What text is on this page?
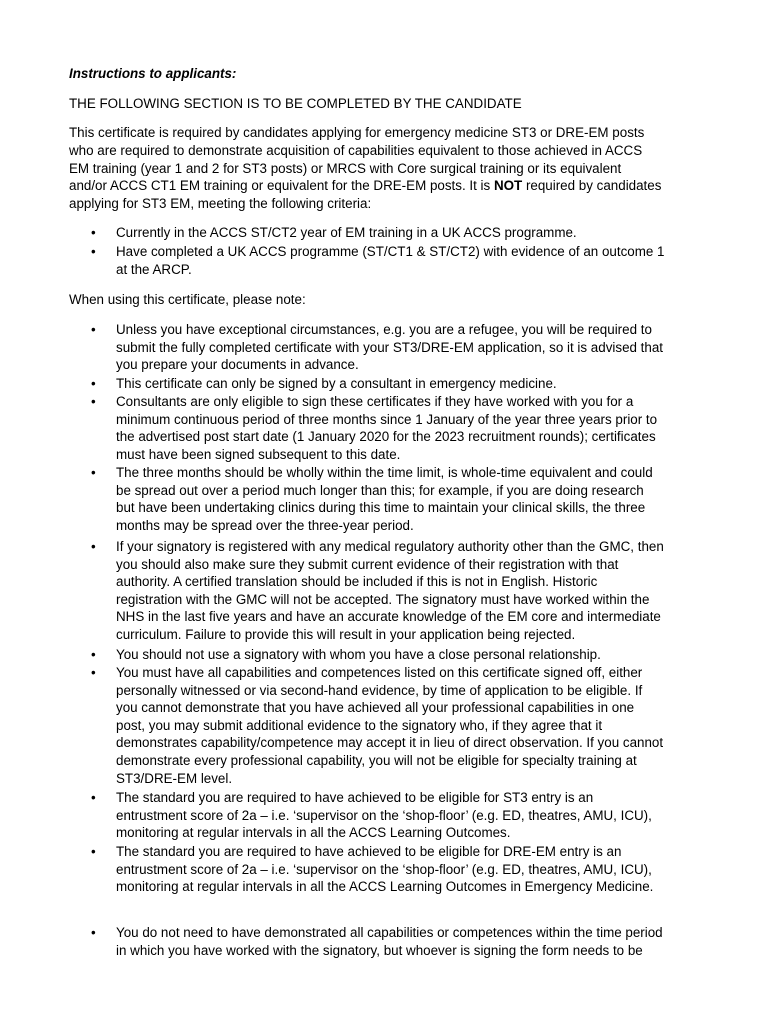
Instructions to applicants:

THE FOLLOWING SECTION IS TO BE COMPLETED BY THE CANDIDATE

This certificate is required by candidates applying for emergency medicine ST3 or DRE-EM posts

who are required to demonstrate acquisition of capabilities equivalent to those achieved in ACCS

EM training (year 1 and 2 for ST3 posts) or MRCS with Core surgical training or its equivalent

and/or ACCS CT1 EM training or equivalent for the DRE-EM posts. It is NOT required by candidates

applying for ST3 EM, meeting the following criteria:

•	Currently in the ACCS ST/CT2 year of EM training in a UK ACCS programme.
•	Have completed a UK ACCS programme (ST/CT1 & ST/CT2) with evidence of an outcome 1
at the ARCP.

When using this certificate, please note:

•	Unless you have exceptional circumstances, e.g. you are a refugee, you will be required to
submit the fully completed certificate with your ST3/DRE-EM application, so it is advised that
you prepare your documents in advance.
•	This certificate can only be signed by a consultant in emergency medicine.
•	Consultants are only eligible to sign these certificates if they have worked with you for a
minimum continuous period of three months since 1 January of the year three years prior to
the advertised post start date (1 January 2020 for the 2023 recruitment rounds); certificates
must have been signed subsequent to this date.
•	The three months should be wholly within the time limit, is whole-time equivalent and could
be spread out over a period much longer than this; for example, if you are doing research
but have been undertaking clinics during this time to maintain your clinical skills, the three
months may be spread over the three-year period.
•	If your signatory is registered with any medical regulatory authority other than the GMC, then
you should also make sure they submit current evidence of their registration with that
authority. A certified translation should be included if this is not in English. Historic
registration with the GMC will not be accepted. The signatory must have worked within the
NHS in the last five years and have an accurate knowledge of the EM core and intermediate
curriculum. Failure to provide this will result in your application being rejected.
•	You should not use a signatory with whom you have a close personal relationship.
•	You must have all capabilities and competences listed on this certificate signed off, either
personally witnessed or via second-hand evidence, by time of application to be eligible. If
you cannot demonstrate that you have achieved all your professional capabilities in one
post, you may submit additional evidence to the signatory who, if they agree that it
demonstrates capability/competence may accept it in lieu of direct observation. If you cannot
demonstrate every professional capability, you will not be eligible for specialty training at
ST3/DRE-EM level.
•	The standard you are required to have achieved to be eligible for ST3 entry is an
entrustment score of 2a – i.e. ‘supervisor on the ‘shop-floor’ (e.g. ED, theatres, AMU, ICU),
monitoring at regular intervals in all the ACCS Learning Outcomes.
•	The standard you are required to have achieved to be eligible for DRE-EM entry is an
entrustment score of 2a – i.e. ‘supervisor on the ‘shop-floor’ (e.g. ED, theatres, AMU, ICU),
monitoring at regular intervals in all the ACCS Learning Outcomes in Emergency Medicine.
•	You do not need to have demonstrated all capabilities or competences within the time period
in which you have worked with the signatory, but whoever is signing the form needs to be
